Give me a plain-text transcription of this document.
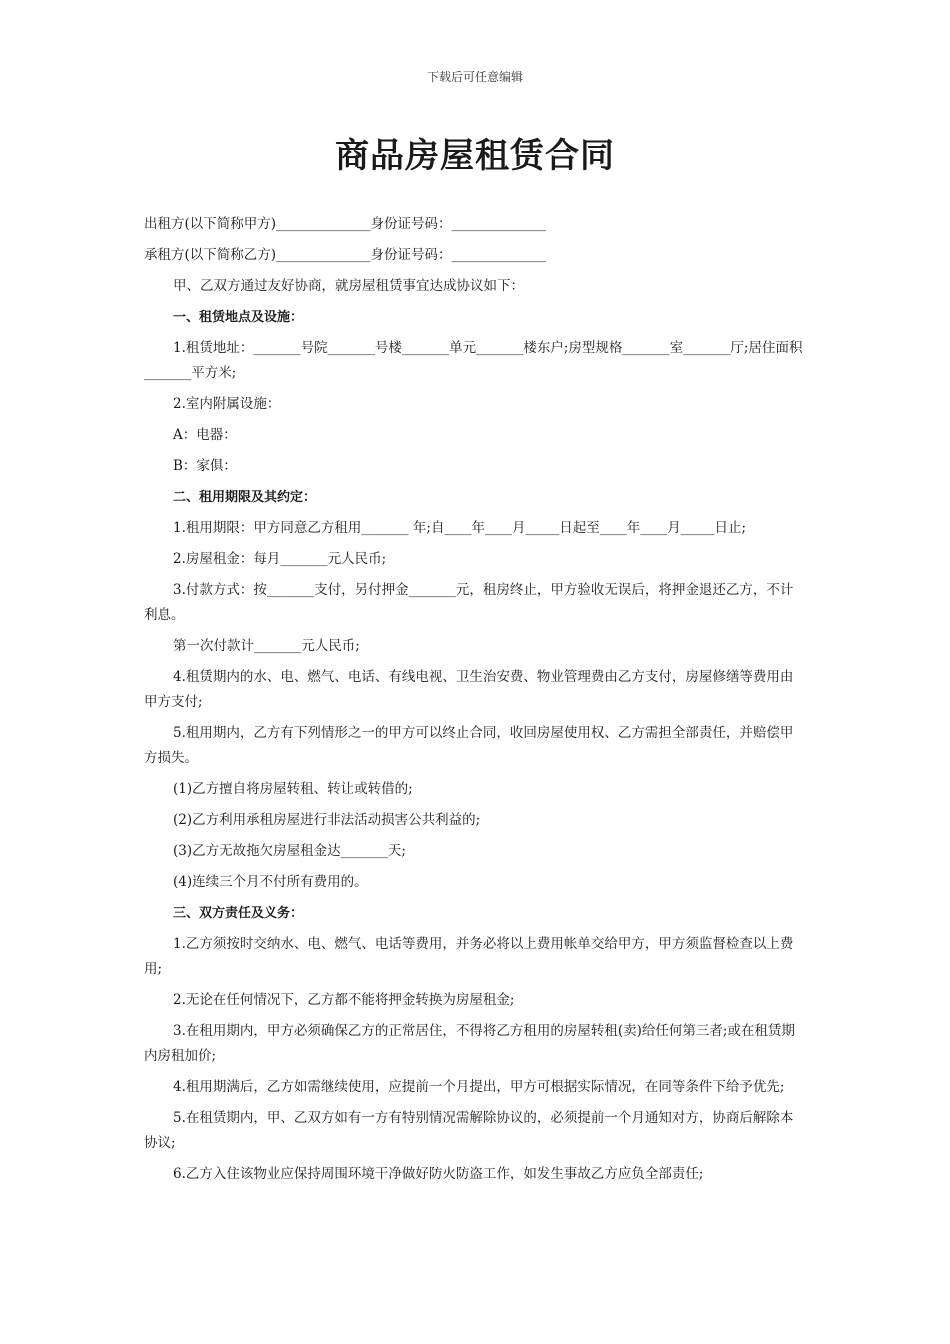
下载后可任意编辑
商品房屋租赁合同

出租方(以下简称甲方)______________身份证号码：______________

承租方(以下简称乙方)______________身份证号码：______________

甲、乙双方通过友好协商，就房屋租赁事宜达成协议如下：

一、租赁地点及设施：

1.租赁地址：_______号院_______号楼_______单元_______楼东户;房型规格_______室_______厅;居住面积_______平方米;

2.室内附属设施：

A：电器：

B：家俱：

二、租用期限及其约定：

1.租用期限：甲方同意乙方租用_______ 年;自____年____月_____日起至____年____月_____日止;

2.房屋租金：每月_______元人民币;

3.付款方式：按_______支付，另付押金_______元，租房终止，甲方验收无误后，将押金退还乙方，不计利息。

第一次付款计_______元人民币;

4.租赁期内的水、电、燃气、电话、有线电视、卫生治安费、物业管理费由乙方支付，房屋修缮等费用由甲方支付;

5.租用期内，乙方有下列情形之一的甲方可以终止合同，收回房屋使用权、乙方需担全部责任，并赔偿甲方损失。

(1)乙方擅自将房屋转租、转让或转借的;

(2)乙方利用承租房屋进行非法活动损害公共利益的;

(3)乙方无故拖欠房屋租金达_______天;

(4)连续三个月不付所有费用的。

三、双方责任及义务：

1.乙方须按时交纳水、电、燃气、电话等费用，并务必将以上费用帐单交给甲方，甲方须监督检查以上费用;

2.无论在任何情况下，乙方都不能将押金转换为房屋租金;

3.在租用期内，甲方必须确保乙方的正常居住，不得将乙方租用的房屋转租(卖)给任何第三者;或在租赁期内房租加价;

4.租用期满后，乙方如需继续使用，应提前一个月提出，甲方可根据实际情况，在同等条件下给予优先;

5.在租赁期内，甲、乙双方如有一方有特别情况需解除协议的，必须提前一个月通知对方，协商后解除本协议;

6.乙方入住该物业应保持周围环境干净做好防火防盗工作，如发生事故乙方应负全部责任;
